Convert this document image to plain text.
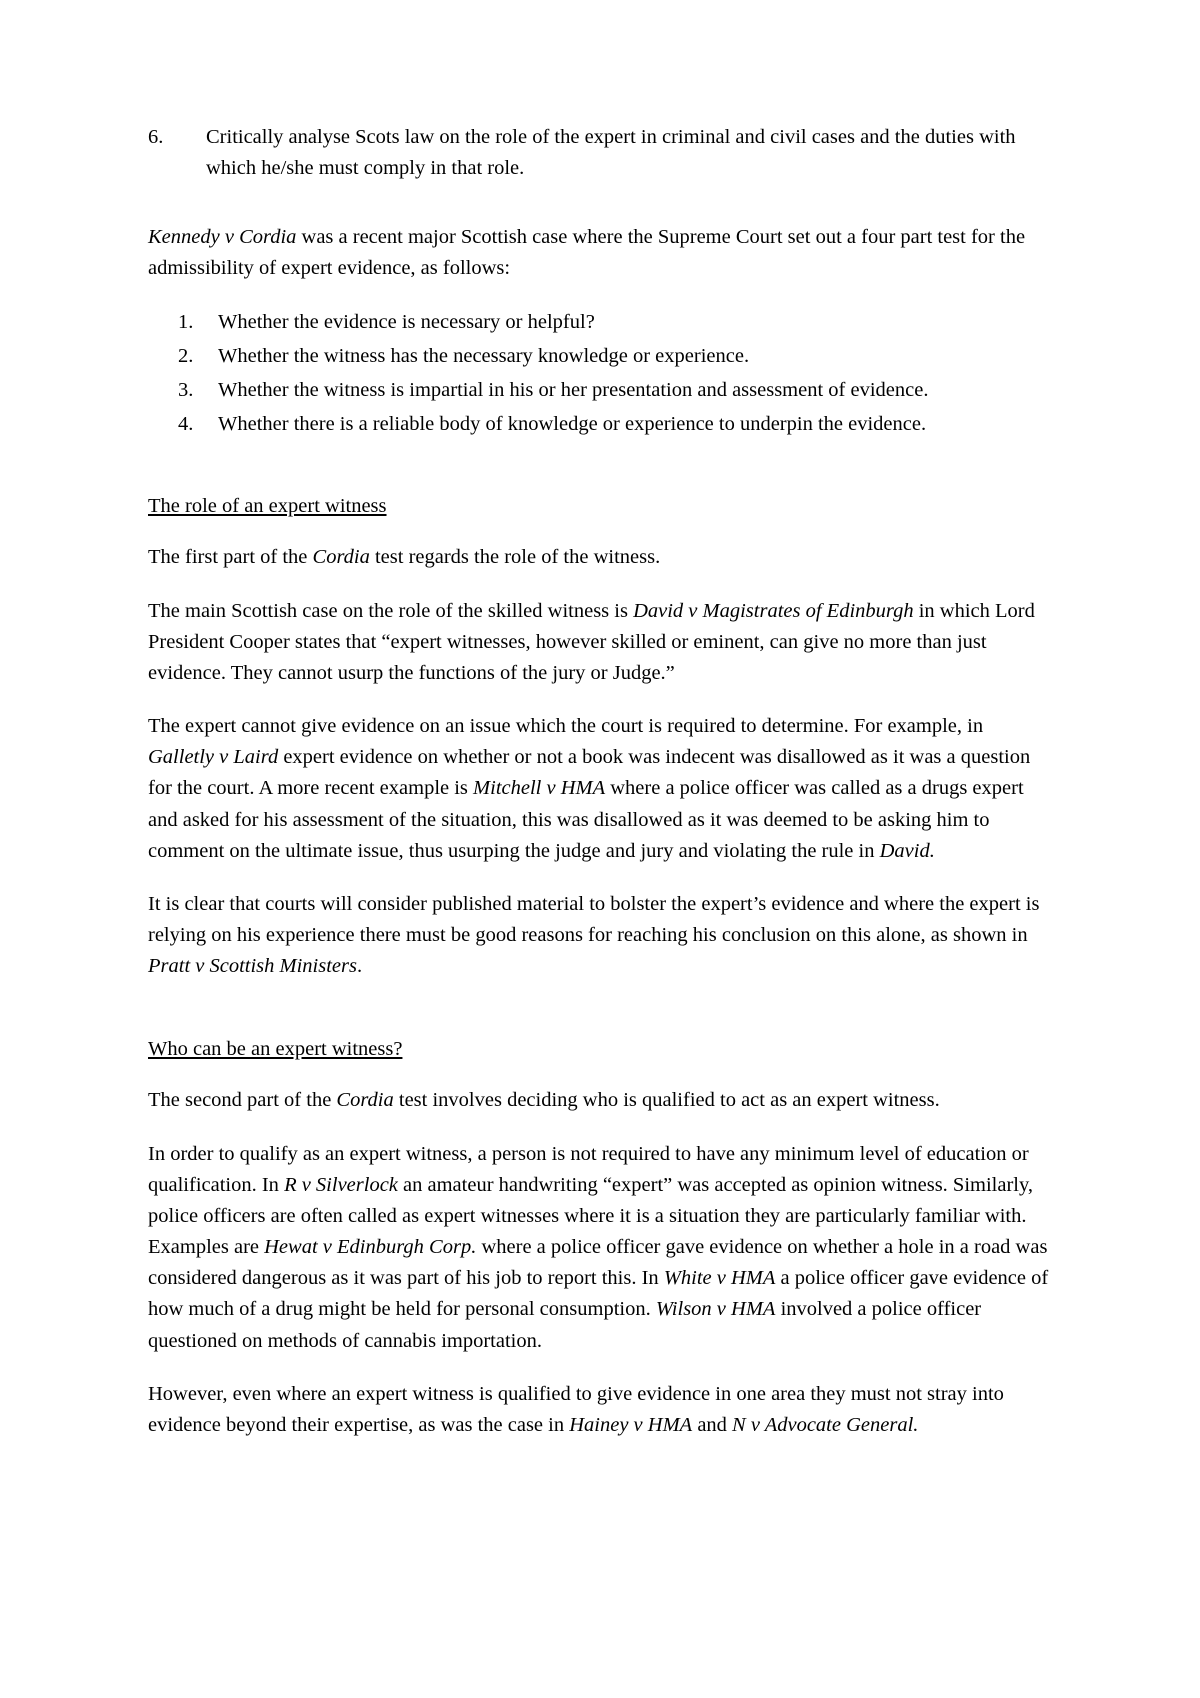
6.	Critically analyse Scots law on the role of the expert in criminal and civil cases and the duties with which he/she must comply in that role.

Kennedy v Cordia was a recent major Scottish case where the Supreme Court set out a four part test for the admissibility of expert evidence, as follows:

1.	Whether the evidence is necessary or helpful?
2.	Whether the witness has the necessary knowledge or experience.
3.	Whether the witness is impartial in his or her presentation and assessment of evidence.
4.	Whether there is a reliable body of knowledge or experience to underpin the evidence.
The role of an expert witness

The first part of the Cordia test regards the role of the witness.

The main Scottish case on the role of the skilled witness is David v Magistrates of Edinburgh in which Lord President Cooper states that “expert witnesses, however skilled or eminent, can give no more than just evidence. They cannot usurp the functions of the jury or Judge.”

The expert cannot give evidence on an issue which the court is required to determine. For example, in Galletly v Laird expert evidence on whether or not a book was indecent was disallowed as it was a question for the court. A more recent example is Mitchell v HMA where a police officer was called as a drugs expert and asked for his assessment of the situation, this was disallowed as it was deemed to be asking him to comment on the ultimate issue, thus usurping the judge and jury and violating the rule in David.

It is clear that courts will consider published material to bolster the expert’s evidence and where the expert is relying on his experience there must be good reasons for reaching his conclusion on this alone, as shown in Pratt v Scottish Ministers.

Who can be an expert witness?

The second part of the Cordia test involves deciding who is qualified to act as an expert witness.

In order to qualify as an expert witness, a person is not required to have any minimum level of education or qualification. In R v Silverlock an amateur handwriting “expert” was accepted as opinion witness. Similarly, police officers are often called as expert witnesses where it is a situation they are particularly familiar with. Examples are Hewat v Edinburgh Corp. where a police officer gave evidence on whether a hole in a road was considered dangerous as it was part of his job to report this. In White v HMA a police officer gave evidence of how much of a drug might be held for personal consumption. Wilson v HMA involved a police officer questioned on methods of cannabis importation.

However, even where an expert witness is qualified to give evidence in one area they must not stray into evidence beyond their expertise, as was the case in Hainey v HMA and N v Advocate General.
